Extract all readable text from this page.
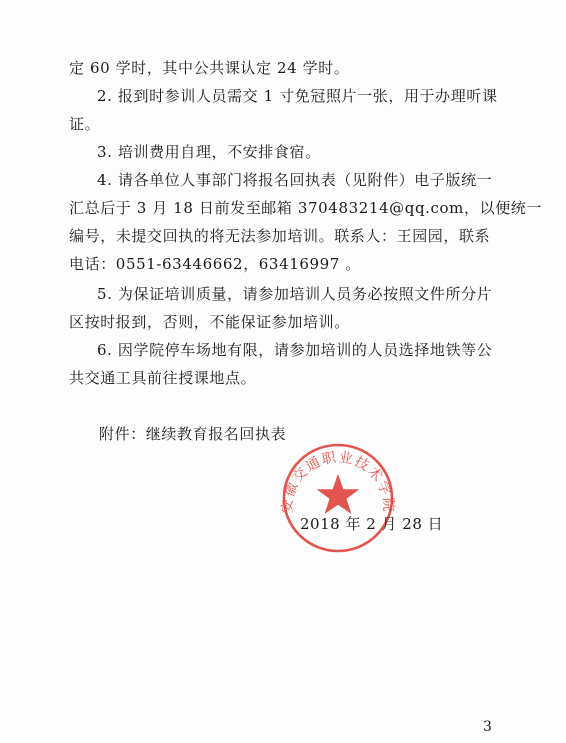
定 60 学时，其中公共课认定 24 学时。
2. 报到时参训人员需交 1 寸免冠照片一张，用于办理听课
证。
3. 培训费用自理，不安排食宿。
4. 请各单位人事部门将报名回执表（见附件）电子版统一
汇总后于 3 月 18 日前发至邮箱 370483214@qq.com，以便统一
编号，未提交回执的将无法参加培训。联系人：王园园，联系
电话：0551-63446662，63416997 。
5. 为保证培训质量，请参加培训人员务必按照文件所分片
区按时报到，否则，不能保证参加培训。
6. 因学院停车场地有限，请参加培训的人员选择地铁等公
共交通工具前往授课地点。
附件：继续教育报名回执表
安徽交通职业技术学院
2018 年 2 月 28 日
3
